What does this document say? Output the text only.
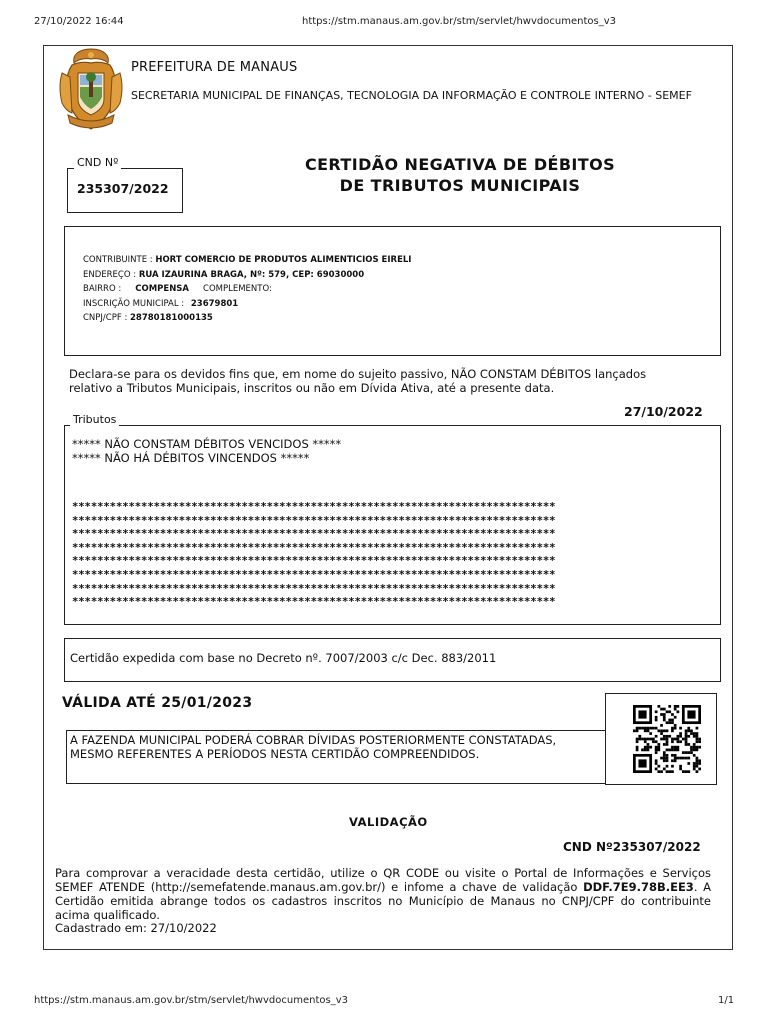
27/10/2022 16:44	https://stm.manaus.am.gov.br/stm/servlet/hwvdocumentos_v3
PREFEITURA DE MANAUS
SECRETARIA MUNICIPAL DE FINANÇAS, TECNOLOGIA DA INFORMAÇÃO E CONTROLE INTERNO - SEMEF
CND Nº
235307/2022
CERTIDÃO NEGATIVA DE DÉBITOS
DE TRIBUTOS MUNICIPAIS
CONTRIBUINTE : HORT COMERCIO DE PRODUTOS ALIMENTICIOS EIRELI
ENDEREÇO : RUA IZAURINA BRAGA, Nº: 579, CEP: 69030000
BAIRRO : COMPENSA COMPLEMENTO:
INSCRIÇÃO MUNICIPAL : 23679801
CNPJ/CPF : 28780181000135
Declara-se para os devidos fins que, em nome do sujeito passivo, NÃO CONSTAM DÉBITOS lançados
relativo a Tributos Municipais, inscritos ou não em Dívida Ativa, até a presente data.
27/10/2022
Tributos
***** NÃO CONSTAM DÉBITOS VENCIDOS *****
***** NÃO HÁ DÉBITOS VINCENDOS *****
*****************************************************************************
*****************************************************************************
*****************************************************************************
*****************************************************************************
*****************************************************************************
*****************************************************************************
*****************************************************************************
*****************************************************************************
Certidão expedida com base no Decreto nº. 7007/2003 c/c Dec. 883/2011
VÁLIDA ATÉ 25/01/2023
A FAZENDA MUNICIPAL PODERÁ COBRAR DÍVIDAS POSTERIORMENTE CONSTATADAS,
MESMO REFERENTES A PERÍODOS NESTA CERTIDÃO COMPREENDIDOS.
VALIDAÇÃO
CND Nº235307/2022
Para comprovar a veracidade desta certidão, utilize o QR CODE ou visite o Portal de Informações e Serviços SEMEF ATENDE (http://semefatende.manaus.am.gov.br/) e infome a chave de validação DDF.7E9.78B.EE3. A Certidão emitida abrange todos os cadastros inscritos no Município de Manaus no CNPJ/CPF do contribuinte acima qualificado.
Cadastrado em: 27/10/2022
https://stm.manaus.am.gov.br/stm/servlet/hwvdocumentos_v3	1/1
